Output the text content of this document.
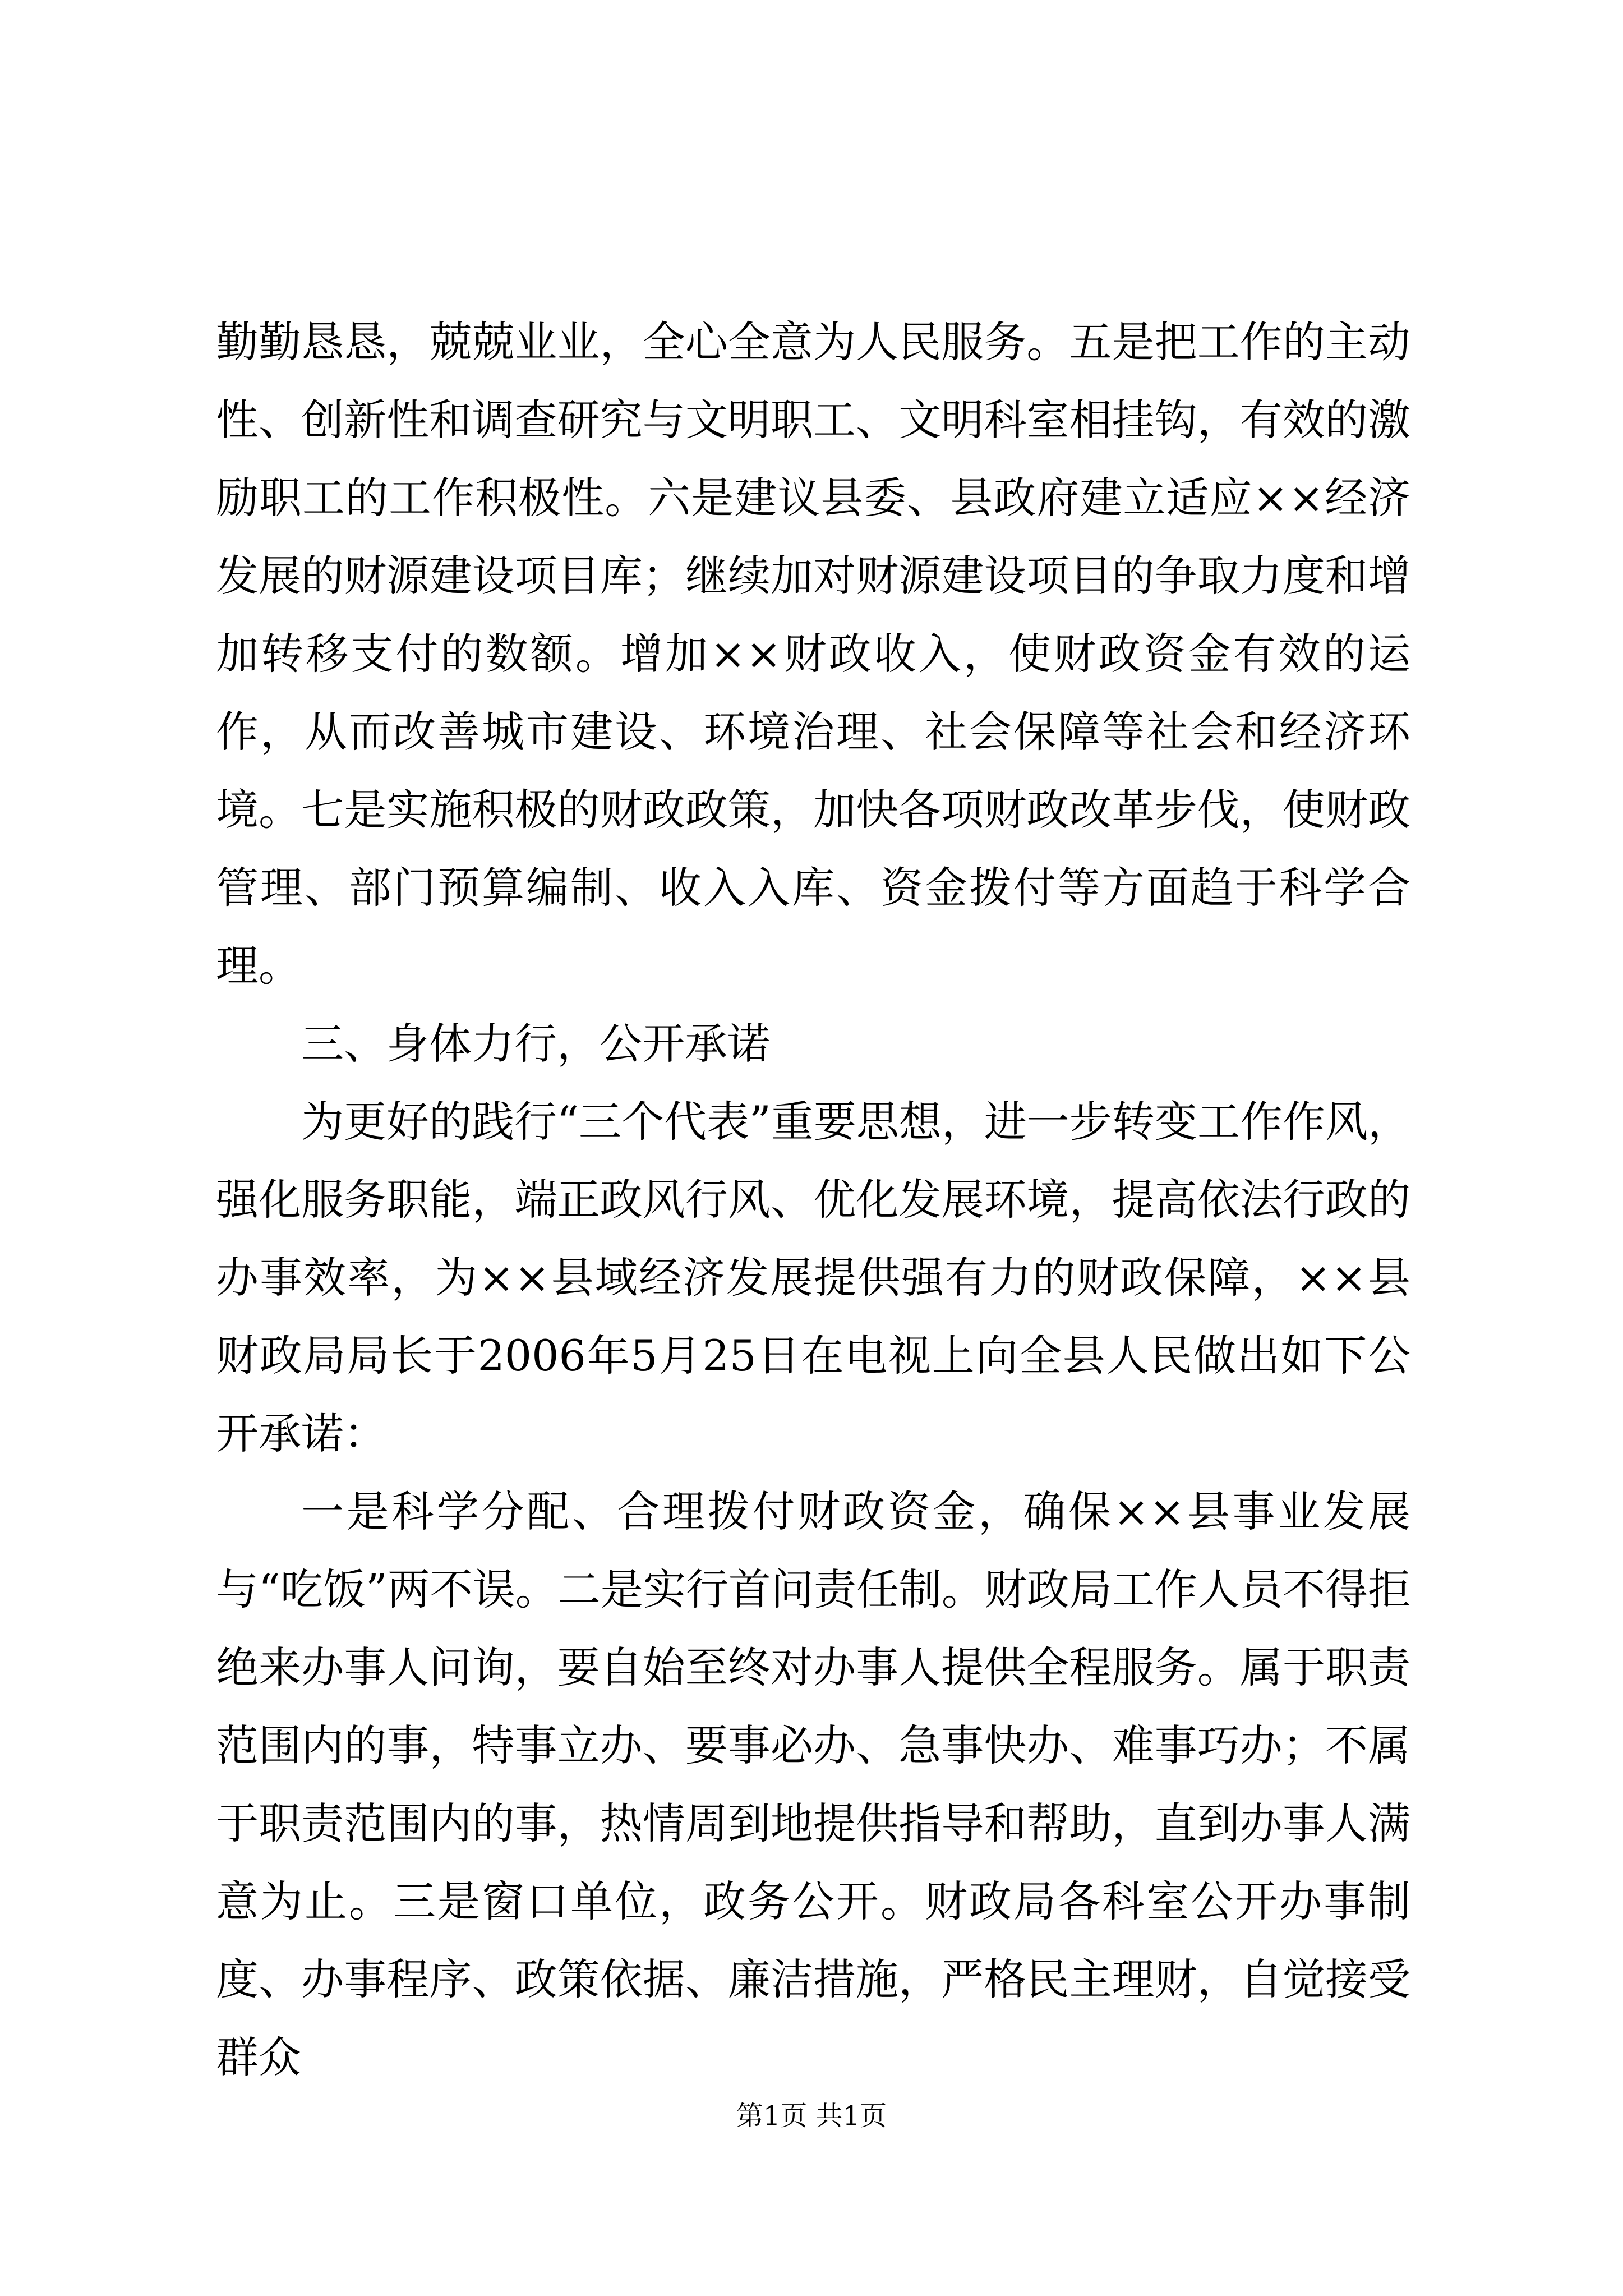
勤勤恳恳，兢兢业业，全心全意为人民服务。五是把工作的主动性、创新性和调查研究与文明职工、文明科室相挂钩，有效的激励职工的工作积极性。六是建议县委、县政府建立适应××经济发展的财源建设项目库；继续加对财源建设项目的争取力度和增加转移支付的数额。增加××财政收入，使财政资金有效的运作，从而改善城市建设、环境治理、社会保障等社会和经济环境。七是实施积极的财政政策，加快各项财政改革步伐，使财政管理、部门预算编制、收入入库、资金拨付等方面趋于科学合理。

三、身体力行，公开承诺

为更好的践行“三个代表”重要思想，进一步转变工作作风，强化服务职能，端正政风行风、优化发展环境，提高依法行政的办事效率，为××县域经济发展提供强有力的财政保障，××县财政局局长于2006年5月25日在电视上向全县人民做出如下公开承诺：

一是科学分配、合理拨付财政资金，确保××县事业发展与“吃饭”两不误。二是实行首问责任制。财政局工作人员不得拒绝来办事人问询，要自始至终对办事人提供全程服务。属于职责范围内的事，特事立办、要事必办、急事快办、难事巧办；不属于职责范围内的事，热情周到地提供指导和帮助，直到办事人满意为止。三是窗口单位，政务公开。财政局各科室公开办事制度、办事程序、政策依据、廉洁措施，严格民主理财，自觉接受群众

第1页 共1页
